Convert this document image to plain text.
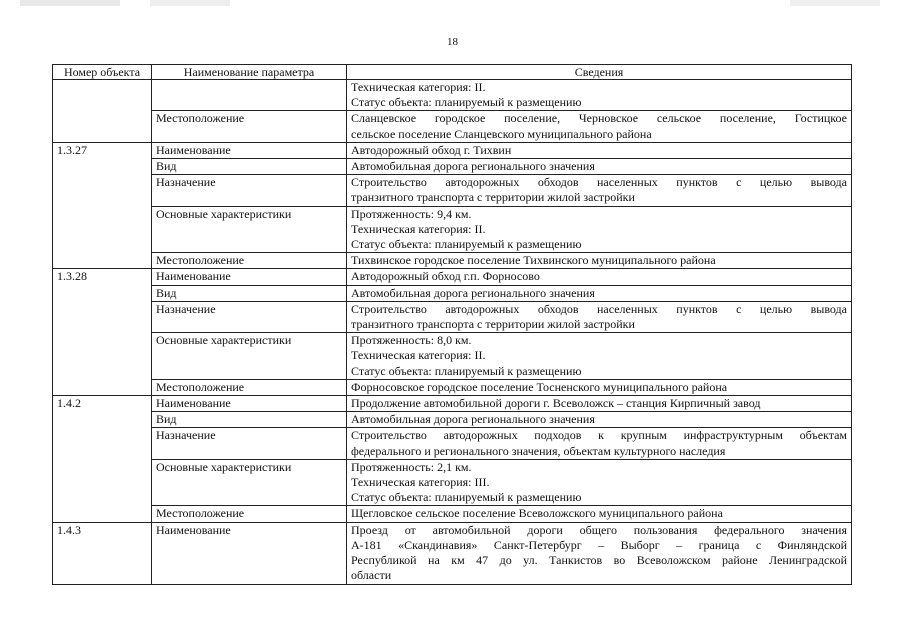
18
Номер объекта	Наименование параметра	Сведения

		Техническая категория: II.
Статус объекта: планируемый к размещению

	Местоположение	Сланцевское городское поселение, Черновское сельское поселение, Гостицкое
сельское поселение Сланцевского муниципального района

1.3.27	Наименование	Автодорожный обход г. Тихвин

	Вид	Автомобильная дорога регионального значения

	Назначение	Строительство автодорожных обходов населенных пунктов с целью вывода
транзитного транспорта с территории жилой застройки

	Основные характеристики	Протяженность: 9,4 км.
Техническая категория: II.
Статус объекта: планируемый к размещению

	Местоположение	Тихвинское городское поселение Тихвинского муниципального района

1.3.28	Наименование	Автодорожный обход г.п. Форносово

	Вид	Автомобильная дорога регионального значения

	Назначение	Строительство автодорожных обходов населенных пунктов с целью вывода
транзитного транспорта с территории жилой застройки

	Основные характеристики	Протяженность: 8,0 км.
Техническая категория: II.
Статус объекта: планируемый к размещению

	Местоположение	Форносовское городское поселение Тосненского муниципального района

1.4.2	Наименование	Продолжение автомобильной дороги г. Всеволожск – станция Кирпичный завод

	Вид	Автомобильная дорога регионального значения

	Назначение	Строительство автодорожных подходов к крупным инфраструктурным объектам
федерального и регионального значения, объектам культурного наследия

	Основные характеристики	Протяженность: 2,1 км.
Техническая категория: III.
Статус объекта: планируемый к размещению

	Местоположение	Щегловское сельское поселение Всеволожского муниципального района

1.4.3	Наименование	Проезд от автомобильной дороги общего пользования федерального значения
А-181 «Скандинавия» Санкт-Петербург – Выборг – граница с Финляндской
Республикой на км 47 до ул. Танкистов во Всеволожском районе Ленинградской
области
